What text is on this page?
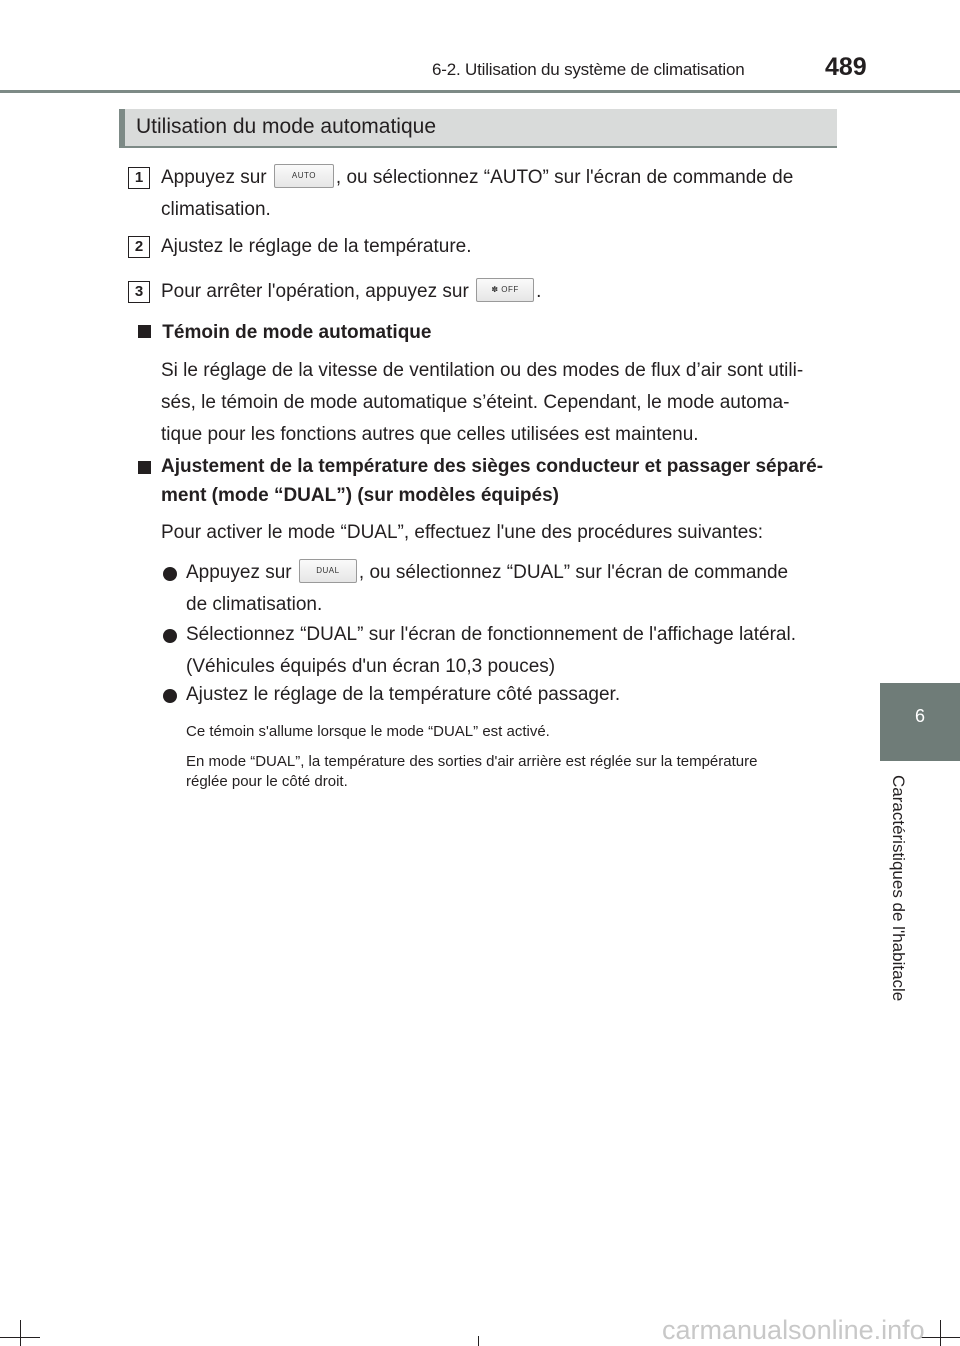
6-2. Utilisation du système de climatisation	489
6
Caractéristiques de l'habitacle
Utilisation du mode automatique
1 Appuyez sur	AUTO , ou sélectionnez “AUTO” sur l'écran de commande de
climatisation.
2 Ajustez le réglage de la température.
3 Pour arrêter l'opération, appuyez sur	✽ OFF .
Témoin de mode automatique
Si le réglage de la vitesse de ventilation ou des modes de flux d’air sont utili-
sés, le témoin de mode automatique s’éteint. Cependant, le mode automa-
tique pour les fonctions autres que celles utilisées est maintenu.
Ajustement de la température des sièges conducteur et passager séparé-
ment (mode “DUAL”) (sur modèles équipés)
Pour activer le mode “DUAL”, effectuez l'une des procédures suivantes:
Appuyez sur	DUAL , ou sélectionnez “DUAL” sur l'écran de commande
de climatisation.
Sélectionnez “DUAL” sur l'écran de fonctionnement de l'affichage latéral.
(Véhicules équipés d'un écran 10,3 pouces)
Ajustez le réglage de la température côté passager.
Ce témoin s'allume lorsque le mode “DUAL” est activé.
En mode “DUAL”, la température des sorties d'air arrière est réglée sur la température
réglée pour le côté droit.
carmanualsonline.info
